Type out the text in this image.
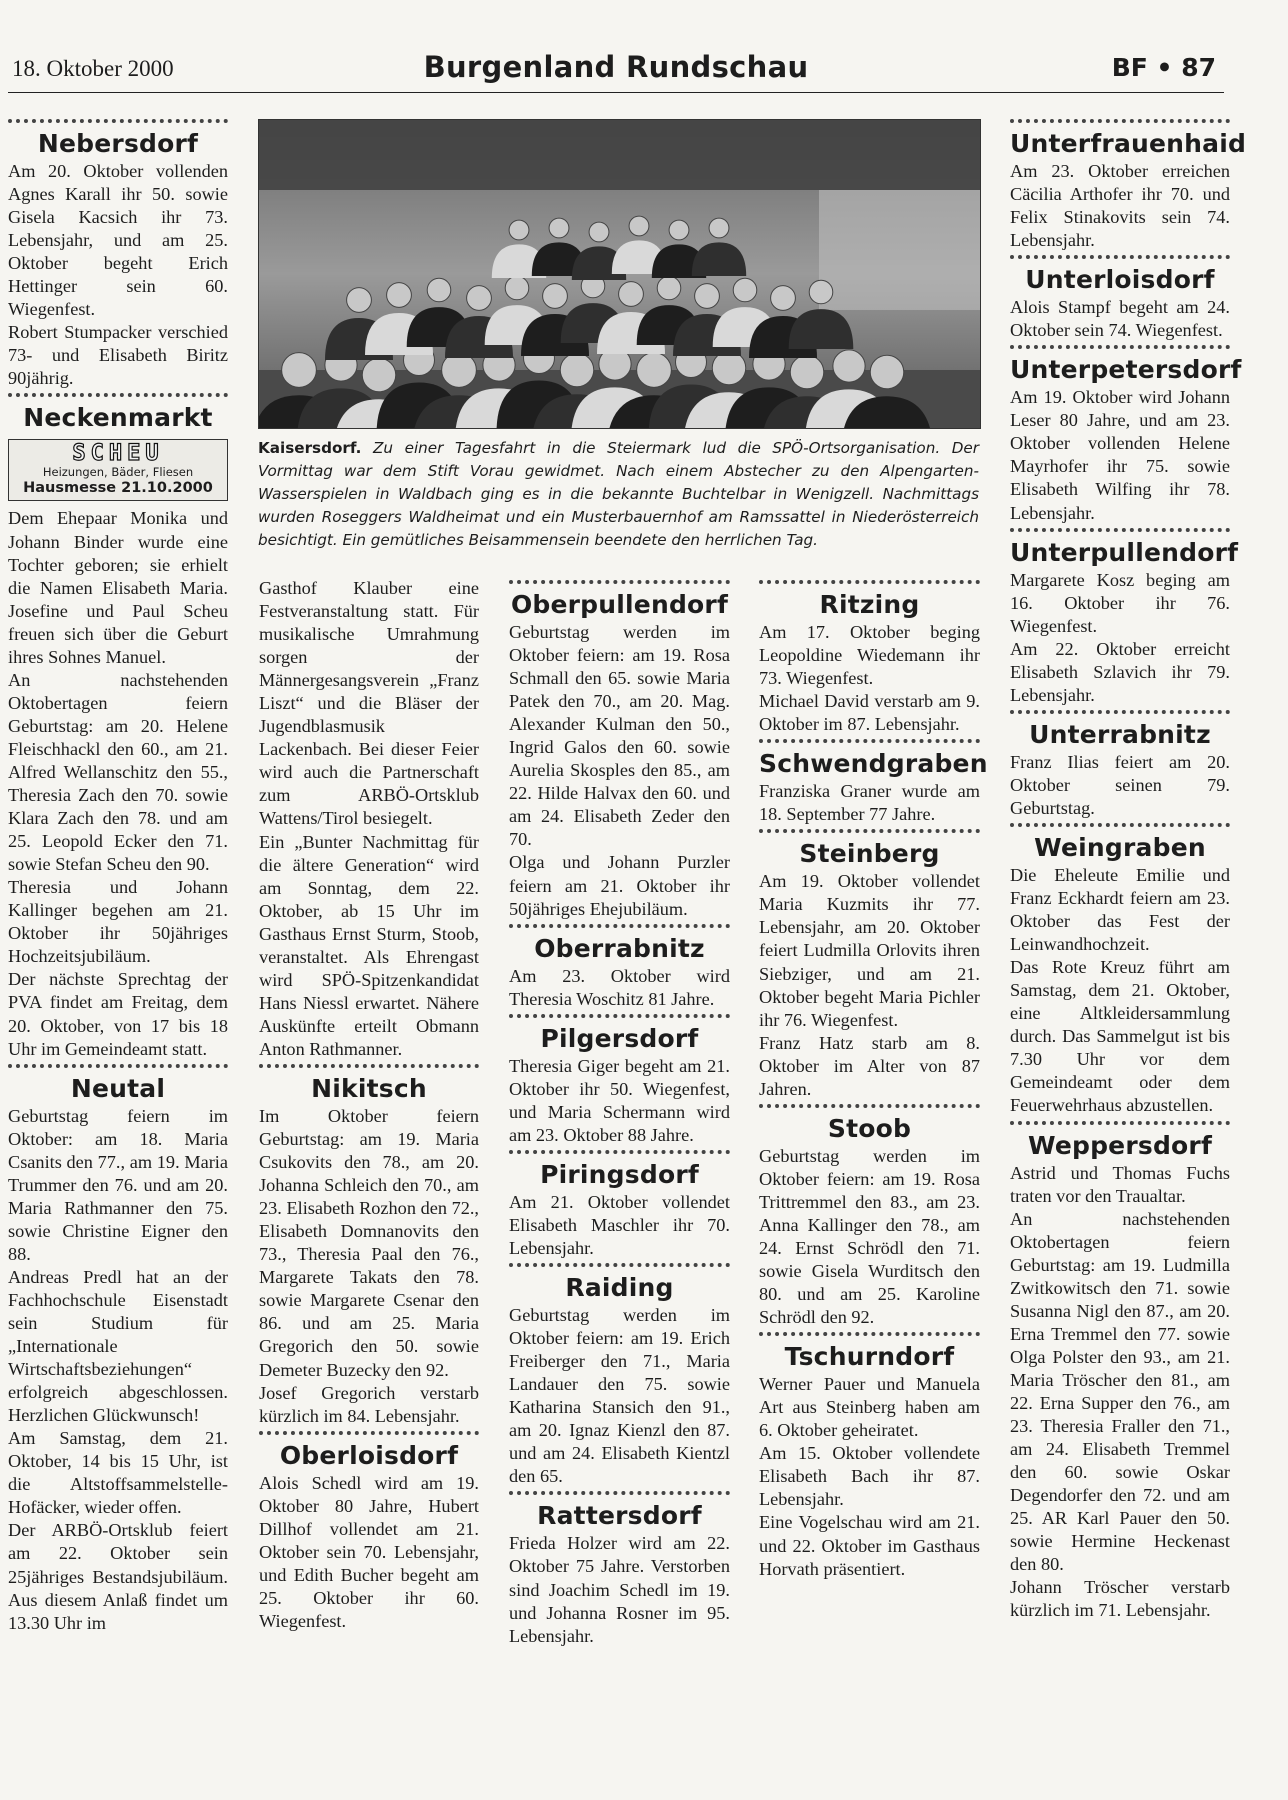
18. Oktober 2000	Burgenland Rundschau	BF • 87
Kaisersdorf. Zu einer Tagesfahrt in die Steiermark lud die SPÖ-Ortsorganisation. Der Vormittag war dem Stift Vorau gewidmet. Nach einem Abstecher zu den Alpengarten-Wasserspielen in Waldbach ging es in die bekannte Buchtelbar in Wenigzell. Nachmittags wurden Roseggers Waldheimat und ein Musterbauernhof am Ramssattel in Niederösterreich besichtigt. Ein gemütliches Beisammensein beendete den herrlichen Tag.
Nebersdorf

Am 20. Oktober vollenden Agnes Karall ihr 50. sowie Gisela Kacsich ihr 73. Lebensjahr, und am 25. Oktober begeht Erich Hettinger sein 60. Wiegenfest.

Robert Stumpacker verschied 73- und Elisabeth Biritz 90jährig.

Neckenmarkt
SCHEU
Heizungen, Bäder, Fliesen
Hausmesse 21.10.2000

Dem Ehepaar Monika und Johann Binder wurde eine Tochter geboren; sie erhielt die Namen Elisabeth Maria. Josefine und Paul Scheu freuen sich über die Geburt ihres Sohnes Manuel.

An nachstehenden Oktobertagen feiern Geburtstag: am 20. Helene Fleischhackl den 60., am 21. Alfred Wellanschitz den 55., Theresia Zach den 70. sowie Klara Zach den 78. und am 25. Leopold Ecker den 71. sowie Stefan Scheu den 90.

Theresia und Johann Kallinger begehen am 21. Oktober ihr 50jähriges Hochzeitsjubiläum.

Der nächste Sprechtag der PVA findet am Freitag, dem 20. Oktober, von 17 bis 18 Uhr im Gemeindeamt statt.

Neutal

Geburtstag feiern im Oktober: am 18. Maria Csanits den 77., am 19. Maria Trummer den 76. und am 20. Maria Rathmanner den 75. sowie Christine Eigner den 88.

Andreas Predl hat an der Fachhochschule Eisenstadt sein Studium für „Internationale Wirtschaftsbeziehungen“ erfolgreich abgeschlossen. Herzlichen Glückwunsch!

Am Samstag, dem 21. Oktober, 14 bis 15 Uhr, ist die Altstoffsammelstelle-Hofäcker, wieder offen.

Der ARBÖ-Ortsklub feiert am 22. Oktober sein 25jähriges Bestandsjubiläum. Aus diesem Anlaß findet um 13.30 Uhr im

Gasthof Klauber eine Festveranstaltung statt. Für musikalische Umrahmung sorgen der Männergesangsverein „Franz Liszt“ und die Bläser der Jugendblasmusik Lackenbach. Bei dieser Feier wird auch die Partnerschaft zum ARBÖ-Ortsklub Wattens/Tirol besiegelt.

Ein „Bunter Nachmittag für die ältere Generation“ wird am Sonntag, dem 22. Oktober, ab 15 Uhr im Gasthaus Ernst Sturm, Stoob, veranstaltet. Als Ehrengast wird SPÖ-Spitzenkandidat Hans Niessl erwartet. Nähere Auskünfte erteilt Obmann Anton Rathmanner.

Nikitsch

Im Oktober feiern Geburtstag: am 19. Maria Csukovits den 78., am 20. Johanna Schleich den 70., am 23. Elisabeth Rozhon den 72., Elisabeth Domnanovits den 73., Theresia Paal den 76., Margarete Takats den 78. sowie Margarete Csenar den 86. und am 25. Maria Gregorich den 50. sowie Demeter Buzecky den 92.

Josef Gregorich verstarb kürzlich im 84. Lebensjahr.

Oberloisdorf

Alois Schedl wird am 19. Oktober 80 Jahre, Hubert Dillhof vollendet am 21. Oktober sein 70. Lebensjahr, und Edith Bucher begeht am 25. Oktober ihr 60. Wiegenfest.

Oberpullendorf

Geburtstag werden im Oktober feiern: am 19. Rosa Schmall den 65. sowie Maria Patek den 70., am 20. Mag. Alexander Kulman den 50., Ingrid Galos den 60. sowie Aurelia Skosples den 85., am 22. Hilde Halvax den 60. und am 24. Elisabeth Zeder den 70.

Olga und Johann Purzler feiern am 21. Oktober ihr 50jähriges Ehejubiläum.

Oberrabnitz

Am 23. Oktober wird Theresia Woschitz 81 Jahre.

Pilgersdorf

Theresia Giger begeht am 21. Oktober ihr 50. Wiegenfest, und Maria Schermann wird am 23. Oktober 88 Jahre.

Piringsdorf

Am 21. Oktober vollendet Elisabeth Maschler ihr 70. Lebensjahr.

Raiding

Geburtstag werden im Oktober feiern: am 19. Erich Freiberger den 71., Maria Landauer den 75. sowie Katharina Stansich den 91., am 20. Ignaz Kienzl den 87. und am 24. Elisabeth Kientzl den 65.

Rattersdorf

Frieda Holzer wird am 22. Oktober 75 Jahre. Verstorben sind Joachim Schedl im 19. und Johanna Rosner im 95. Lebensjahr.

Ritzing

Am 17. Oktober beging Leopoldine Wiedemann ihr 73. Wiegenfest.

Michael David verstarb am 9. Oktober im 87. Lebensjahr.

Schwendgraben

Franziska Graner wurde am 18. September 77 Jahre.

Steinberg

Am 19. Oktober vollendet Maria Kuzmits ihr 77. Lebensjahr, am 20. Oktober feiert Ludmilla Orlovits ihren Siebziger, und am 21. Oktober begeht Maria Pichler ihr 76. Wiegenfest.

Franz Hatz starb am 8. Oktober im Alter von 87 Jahren.

Stoob

Geburtstag werden im Oktober feiern: am 19. Rosa Trittremmel den 83., am 23. Anna Kallinger den 78., am 24. Ernst Schrödl den 71. sowie Gisela Wurditsch den 80. und am 25. Karoline Schrödl den 92.

Tschurndorf

Werner Pauer und Manuela Art aus Steinberg haben am 6. Oktober geheiratet.

Am 15. Oktober vollendete Elisabeth Bach ihr 87. Lebensjahr.

Eine Vogelschau wird am 21. und 22. Oktober im Gasthaus Horvath präsentiert.

Unterfrauenhaid

Am 23. Oktober erreichen Cäcilia Arthofer ihr 70. und Felix Stinakovits sein 74. Lebensjahr.

Unterloisdorf

Alois Stampf begeht am 24. Oktober sein 74. Wiegenfest.

Unterpetersdorf

Am 19. Oktober wird Johann Leser 80 Jahre, und am 23. Oktober vollenden Helene Mayrhofer ihr 75. sowie Elisabeth Wilfing ihr 78. Lebensjahr.

Unterpullendorf

Margarete Kosz beging am 16. Oktober ihr 76. Wiegenfest.

Am 22. Oktober erreicht Elisabeth Szlavich ihr 79. Lebensjahr.

Unterrabnitz

Franz Ilias feiert am 20. Oktober seinen 79. Geburtstag.

Weingraben

Die Eheleute Emilie und Franz Eckhardt feiern am 23. Oktober das Fest der Leinwandhochzeit.

Das Rote Kreuz führt am Samstag, dem 21. Oktober, eine Altkleidersammlung durch. Das Sammelgut ist bis 7.30 Uhr vor dem Gemeindeamt oder dem Feuerwehrhaus abzustellen.

Weppersdorf

Astrid und Thomas Fuchs traten vor den Traualtar.

An nachstehenden Oktobertagen feiern Geburtstag: am 19. Ludmilla Zwitkowitsch den 71. sowie Susanna Nigl den 87., am 20. Erna Tremmel den 77. sowie Olga Polster den 93., am 21. Maria Tröscher den 81., am 22. Erna Supper den 76., am 23. Theresia Fraller den 71., am 24. Elisabeth Tremmel den 60. sowie Oskar Degendorfer den 72. und am 25. AR Karl Pauer den 50. sowie Hermine Heckenast den 80.

Johann Tröscher verstarb kürzlich im 71. Lebensjahr.
